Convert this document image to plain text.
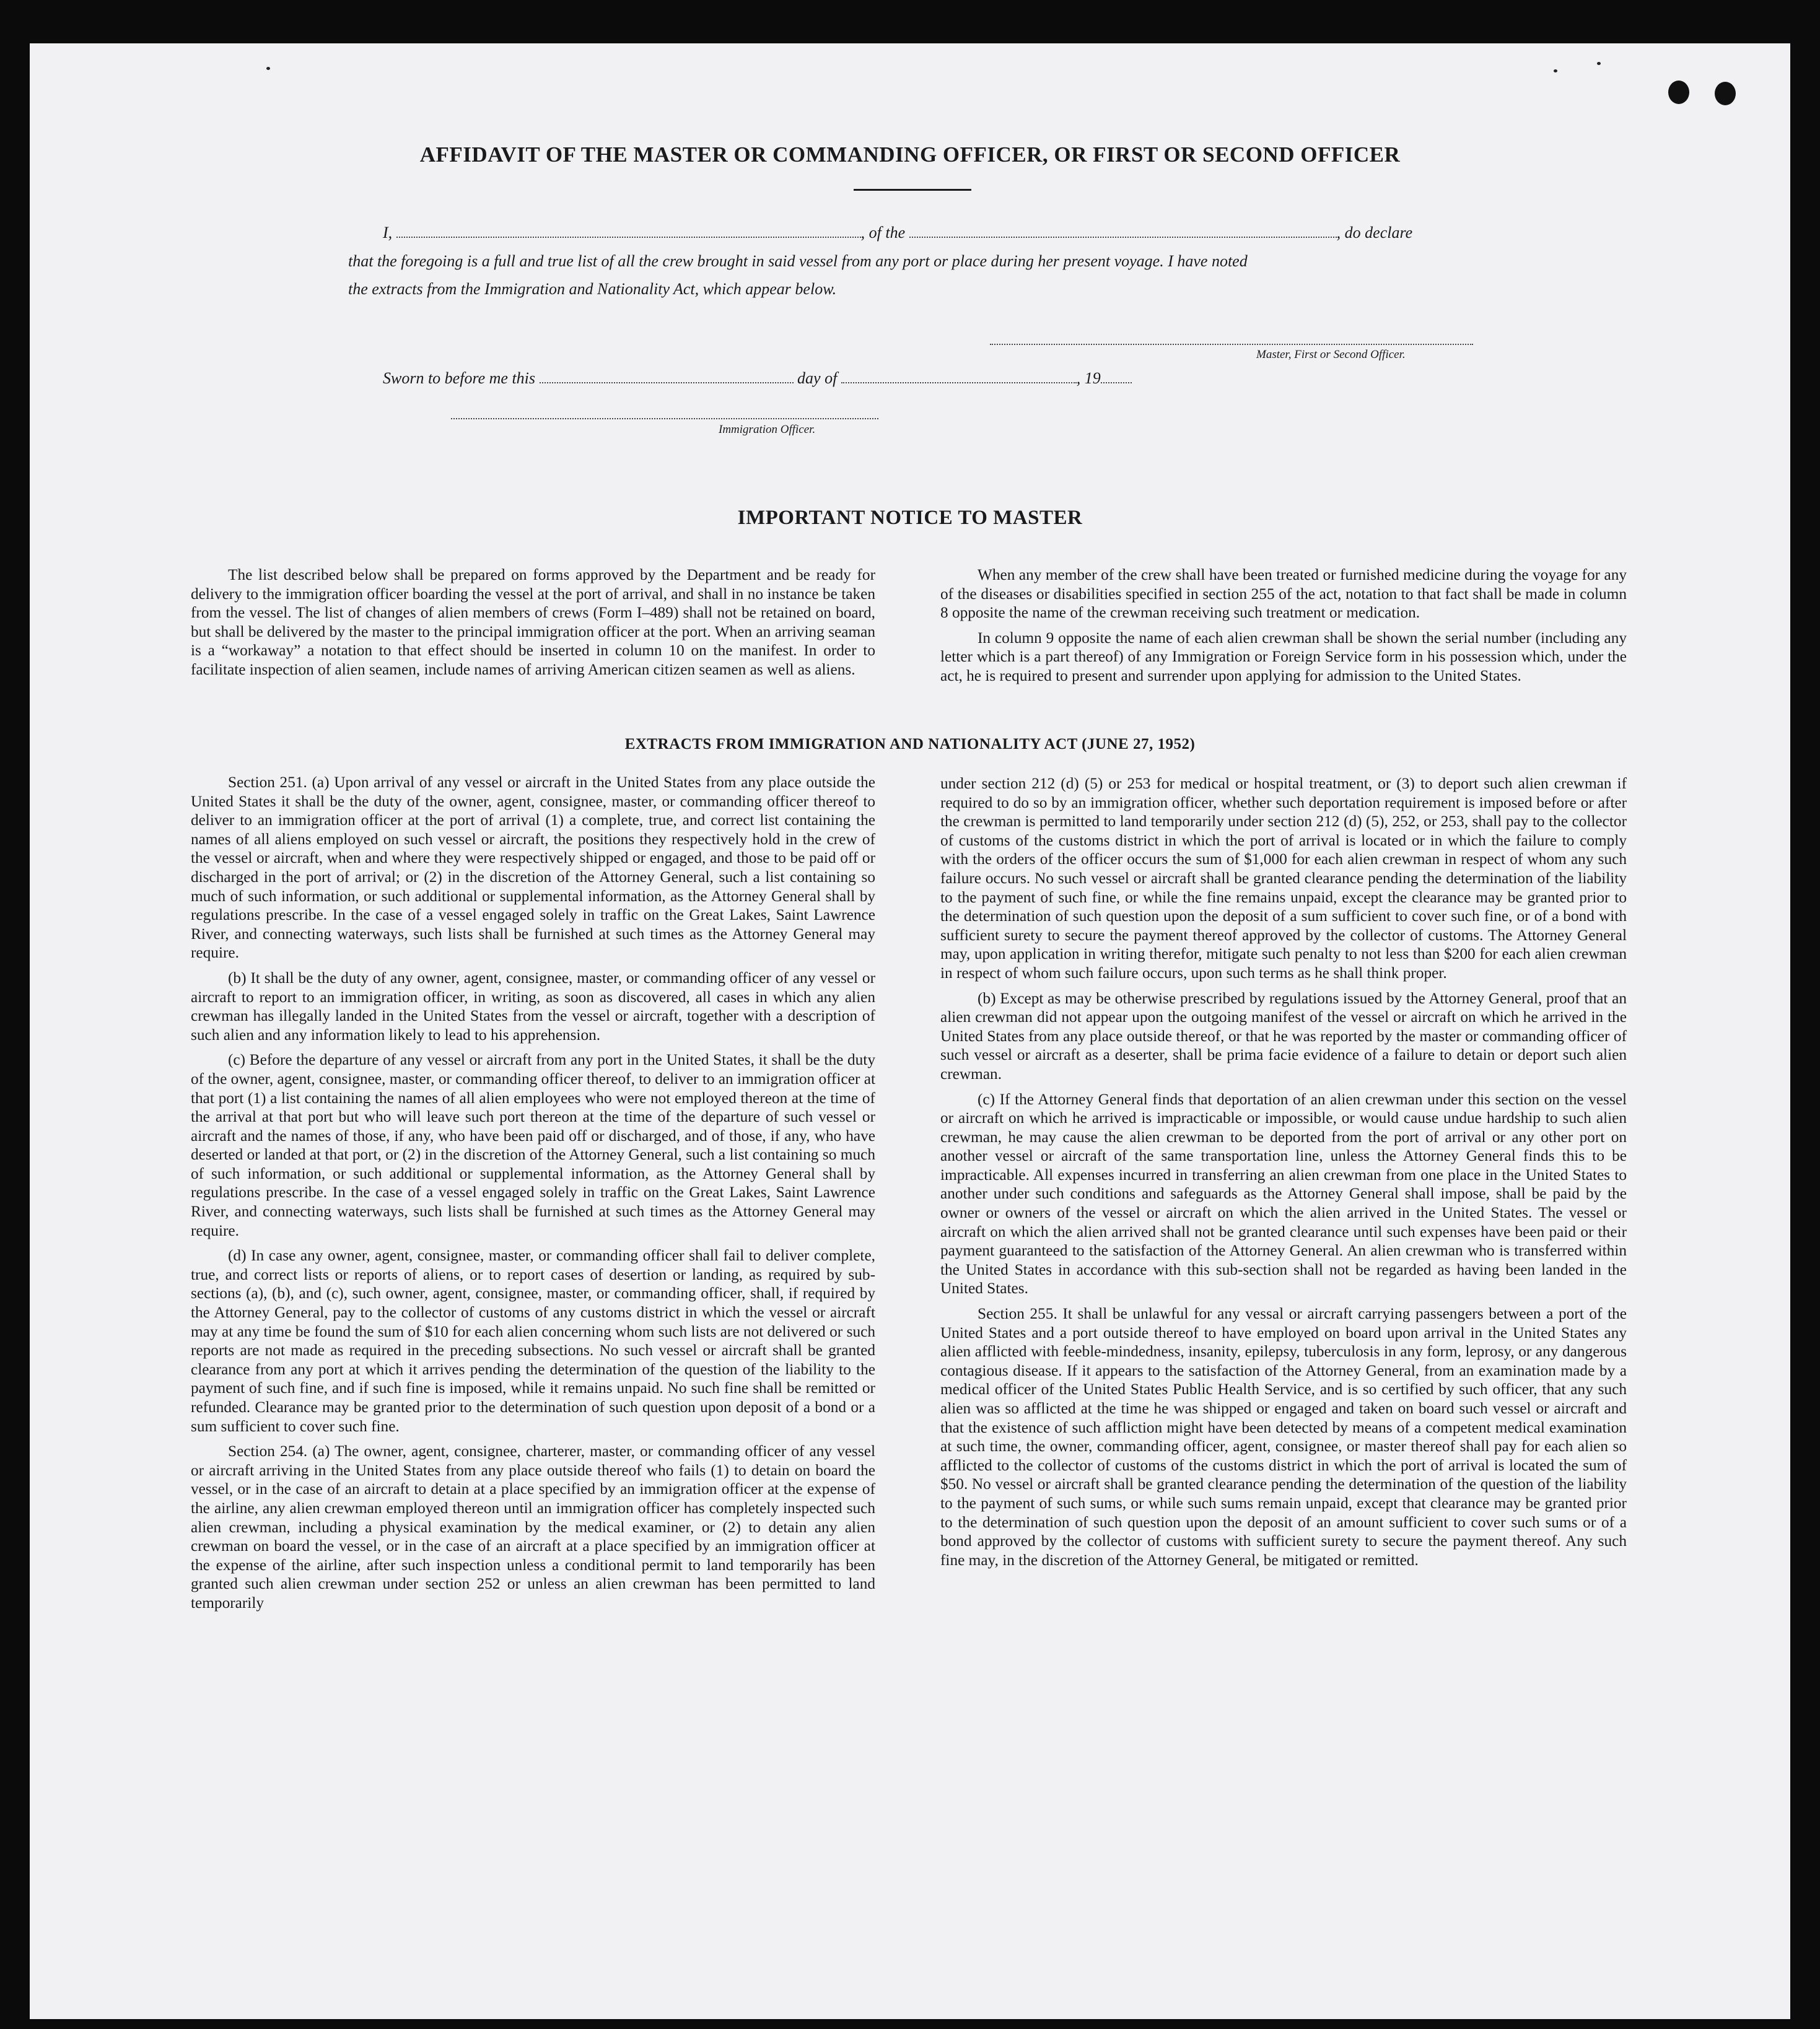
AFFIDAVIT OF THE MASTER OR COMMANDING OFFICER, OR FIRST OR SECOND OFFICER
I,	, of the	, do declare
that the foregoing is a full and true list of all the crew brought in said vessel from any port or place during her present voyage. I have noted
the extracts from the Immigration and Nationality Act, which appear below.
Master, First or Second Officer.
Sworn to before me this	day of	, 19
Immigration Officer.
IMPORTANT NOTICE TO MASTER

The list described below shall be prepared on forms approved by the Department and be ready for delivery to the immigration officer boarding the vessel at the port of arrival, and shall in no instance be taken from the vessel. The list of changes of alien members of crews (Form I–489) shall not be retained on board, but shall be delivered by the master to the principal immigration officer at the port. When an arriving seaman is a “workaway” a notation to that effect should be inserted in column 10 on the manifest. In order to facilitate inspection of alien seamen, include names of arriving American citizen seamen as well as aliens.

When any member of the crew shall have been treated or furnished medicine during the voyage for any of the diseases or disabilities specified in section 255 of the act, notation to that fact shall be made in column 8 opposite the name of the crewman receiving such treatment or medication.

In column 9 opposite the name of each alien crewman shall be shown the serial number (including any letter which is a part thereof) of any Immigration or Foreign Service form in his possession which, under the act, he is required to present and surrender upon applying for admission to the United States.

EXTRACTS FROM IMMIGRATION AND NATIONALITY ACT (JUNE 27, 1952)

Section 251. (a) Upon arrival of any vessel or aircraft in the United States from any place outside the United States it shall be the duty of the owner, agent, consignee, master, or commanding officer thereof to deliver to an immigration officer at the port of arrival (1) a complete, true, and correct list containing the names of all aliens employed on such vessel or aircraft, the positions they respectively hold in the crew of the vessel or aircraft, when and where they were respectively shipped or engaged, and those to be paid off or discharged in the port of arrival; or (2) in the discretion of the Attorney General, such a list containing so much of such information, or such additional or supplemental information, as the Attorney General shall by regulations prescribe. In the case of a vessel engaged solely in traffic on the Great Lakes, Saint Lawrence River, and connecting waterways, such lists shall be furnished at such times as the Attorney General may require.

(b) It shall be the duty of any owner, agent, consignee, master, or commanding officer of any vessel or aircraft to report to an immigration officer, in writing, as soon as discovered, all cases in which any alien crewman has illegally landed in the United States from the vessel or aircraft, together with a description of such alien and any information likely to lead to his apprehension.

(c) Before the departure of any vessel or aircraft from any port in the United States, it shall be the duty of the owner, agent, consignee, master, or commanding officer thereof, to deliver to an immigration officer at that port (1) a list containing the names of all alien employees who were not employed thereon at the time of the arrival at that port but who will leave such port thereon at the time of the departure of such vessel or aircraft and the names of those, if any, who have been paid off or discharged, and of those, if any, who have deserted or landed at that port, or (2) in the discretion of the Attorney General, such a list containing so much of such information, or such additional or supplemental information, as the Attorney General shall by regulations prescribe. In the case of a vessel engaged solely in traffic on the Great Lakes, Saint Lawrence River, and connecting waterways, such lists shall be furnished at such times as the Attorney General may require.

(d) In case any owner, agent, consignee, master, or commanding officer shall fail to deliver complete, true, and correct lists or reports of aliens, or to report cases of desertion or landing, as required by sub-sections (a), (b), and (c), such owner, agent, consignee, master, or commanding officer, shall, if required by the Attorney General, pay to the collector of customs of any customs district in which the vessel or aircraft may at any time be found the sum of $10 for each alien concerning whom such lists are not delivered or such reports are not made as required in the preceding subsections. No such vessel or aircraft shall be granted clearance from any port at which it arrives pending the determination of the question of the liability to the payment of such fine, and if such fine is imposed, while it remains unpaid. No such fine shall be remitted or refunded. Clearance may be granted prior to the determination of such question upon deposit of a bond or a sum sufficient to cover such fine.

Section 254. (a) The owner, agent, consignee, charterer, master, or commanding officer of any vessel or aircraft arriving in the United States from any place outside thereof who fails (1) to detain on board the vessel, or in the case of an aircraft to detain at a place specified by an immigration officer at the expense of the airline, any alien crewman employed thereon until an immigration officer has completely inspected such alien crewman, including a physical examination by the medical examiner, or (2) to detain any alien crewman on board the vessel, or in the case of an aircraft at a place specified by an immigration officer at the expense of the airline, after such inspection unless a conditional permit to land temporarily has been granted such alien crewman under section 252 or unless an alien crewman has been permitted to land temporarily

under section 212 (d) (5) or 253 for medical or hospital treatment, or (3) to deport such alien crewman if required to do so by an immigration officer, whether such deportation requirement is imposed before or after the crewman is permitted to land temporarily under section 212 (d) (5), 252, or 253, shall pay to the collector of customs of the customs district in which the port of arrival is located or in which the failure to comply with the orders of the officer occurs the sum of $1,000 for each alien crewman in respect of whom any such failure occurs. No such vessel or aircraft shall be granted clearance pending the determination of the liability to the payment of such fine, or while the fine remains unpaid, except the clearance may be granted prior to the determination of such question upon the deposit of a sum sufficient to cover such fine, or of a bond with sufficient surety to secure the payment thereof approved by the collector of customs. The Attorney General may, upon application in writing therefor, mitigate such penalty to not less than $200 for each alien crewman in respect of whom such failure occurs, upon such terms as he shall think proper.

(b) Except as may be otherwise prescribed by regulations issued by the Attorney General, proof that an alien crewman did not appear upon the outgoing manifest of the vessel or aircraft on which he arrived in the United States from any place outside thereof, or that he was reported by the master or commanding officer of such vessel or aircraft as a deserter, shall be prima facie evidence of a failure to detain or deport such alien crewman.

(c) If the Attorney General finds that deportation of an alien crewman under this section on the vessel or aircraft on which he arrived is impracticable or impossible, or would cause undue hardship to such alien crewman, he may cause the alien crewman to be deported from the port of arrival or any other port on another vessel or aircraft of the same transportation line, unless the Attorney General finds this to be impracticable. All expenses incurred in transferring an alien crewman from one place in the United States to another under such conditions and safeguards as the Attorney General shall impose, shall be paid by the owner or owners of the vessel or aircraft on which the alien arrived in the United States. The vessel or aircraft on which the alien arrived shall not be granted clearance until such expenses have been paid or their payment guaranteed to the satisfaction of the Attorney General. An alien crewman who is transferred within the United States in accordance with this sub-section shall not be regarded as having been landed in the United States.

Section 255. It shall be unlawful for any vessal or aircraft carrying passengers between a port of the United States and a port outside thereof to have employed on board upon arrival in the United States any alien afflicted with feeble-mindedness, insanity, epilepsy, tuberculosis in any form, leprosy, or any dangerous contagious disease. If it appears to the satisfaction of the Attorney General, from an examination made by a medical officer of the United States Public Health Service, and is so certified by such officer, that any such alien was so afflicted at the time he was shipped or engaged and taken on board such vessel or aircraft and that the existence of such affliction might have been detected by means of a competent medical examination at such time, the owner, commanding officer, agent, consignee, or master thereof shall pay for each alien so afflicted to the collector of customs of the customs district in which the port of arrival is located the sum of $50. No vessel or aircraft shall be granted clearance pending the determination of the question of the liability to the payment of such sums, or while such sums remain unpaid, except that clearance may be granted prior to the determination of such question upon the deposit of an amount sufficient to cover such sums or of a bond approved by the collector of customs with sufficient surety to secure the payment thereof. Any such fine may, in the discretion of the Attorney General, be mitigated or remitted.
